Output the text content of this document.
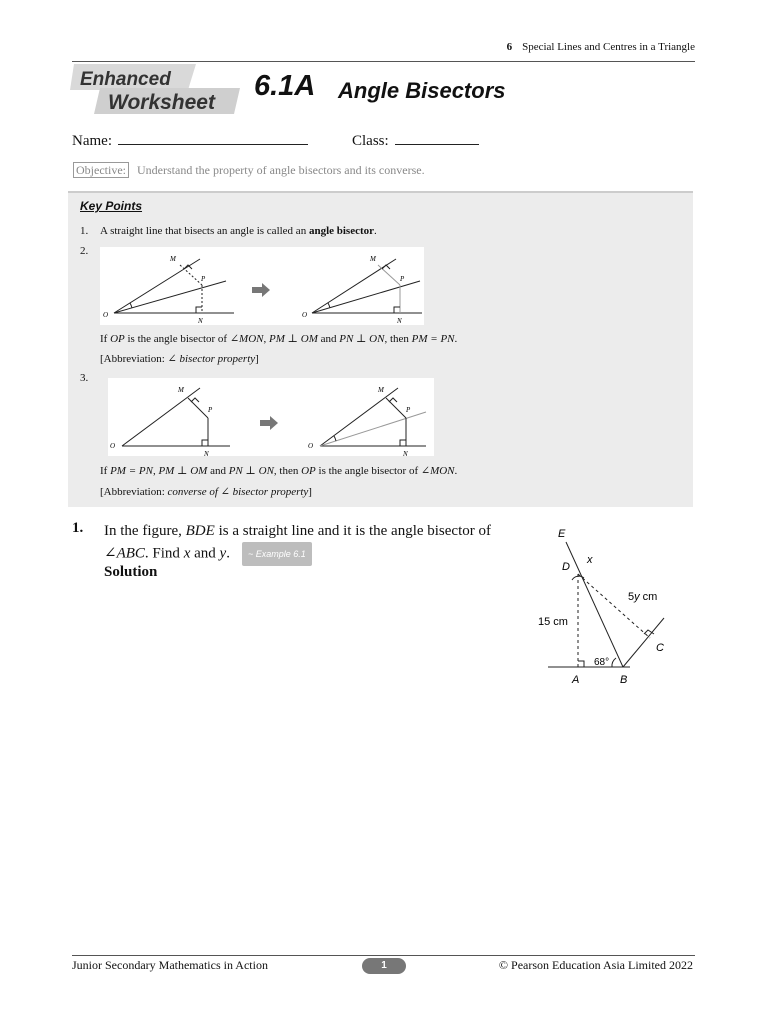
6 Special Lines and Centres in a Triangle
Enhanced
Worksheet
6.1A Angle Bisectors
Name:	Class:
Objective: Understand the property of angle bisectors and its converse.
Key Points
1. A straight line that bisects an angle is called an angle bisector.
2.
M
P
O
N
M
P
O
N
If OP is the angle bisector of ∠MON, PM ⊥ OM and PN ⊥ ON, then PM = PN.
[Abbreviation: ∠ bisector property]
3.
M
P
O
N
M
P
O
N
If PM = PN, PM ⊥ OM and PN ⊥ ON, then OP is the angle bisector of ∠MON.
[Abbreviation: converse of ∠ bisector property]
1. In the figure, BDE is a straight line and it is the angle bisector of
∠ABC. Find x and y. ~ Example 6.1
Solution
E
D
x
5y cm
15 cm
68°
A	B
C
Junior Secondary Mathematics in Action	1	© Pearson Education Asia Limited 2022
